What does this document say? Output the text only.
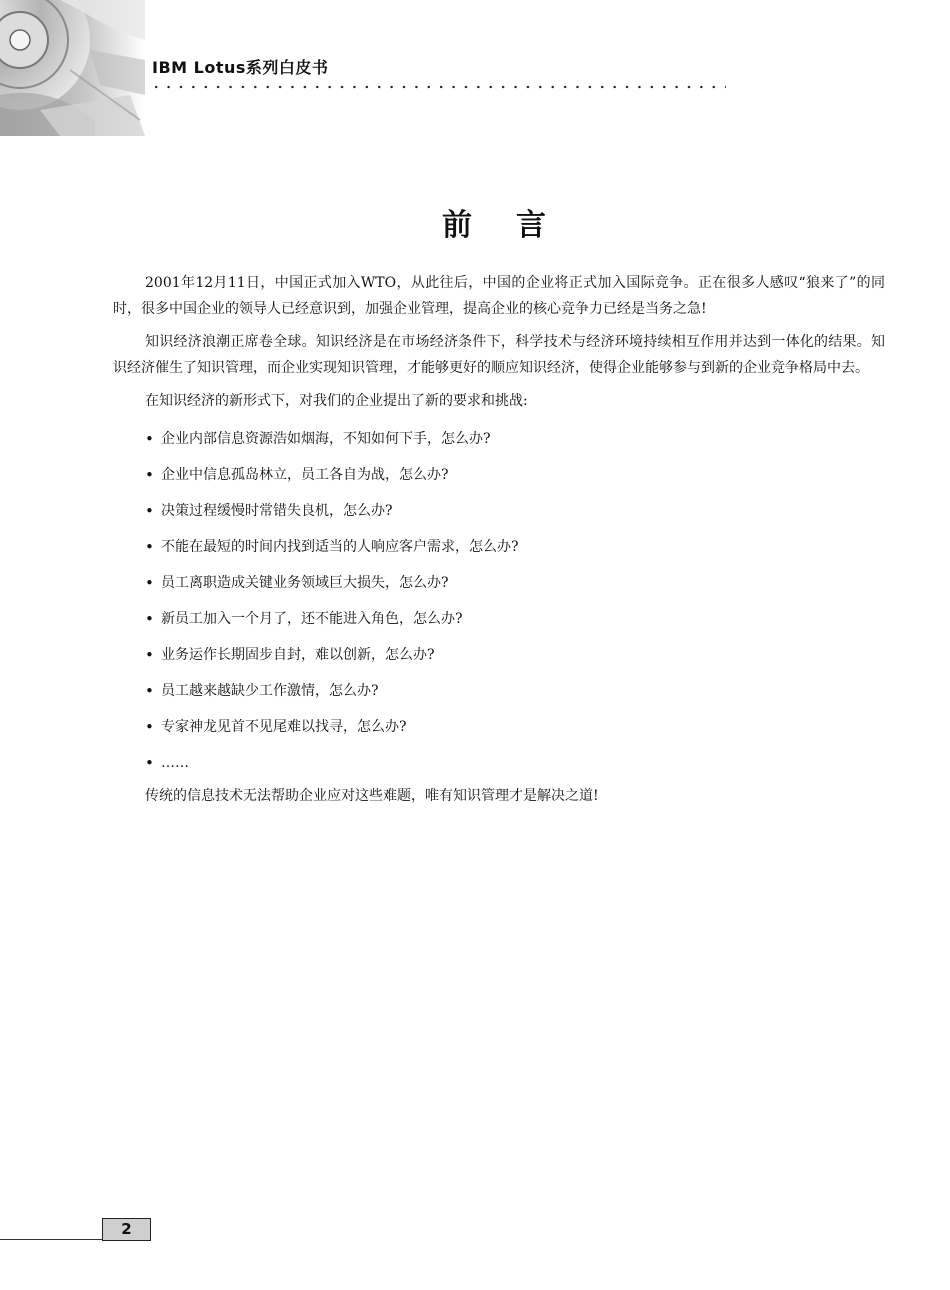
IBM Lotus系列白皮书
前言

2001年12月11日，中国正式加入WTO，从此往后，中国的企业将正式加入国际竞争。正在很多人感叹“狼来了”的同时，很多中国企业的领导人已经意识到，加强企业管理，提高企业的核心竞争力已经是当务之急!

知识经济浪潮正席卷全球。知识经济是在市场经济条件下，科学技术与经济环境持续相互作用并达到一体化的结果。知识经济催生了知识管理，而企业实现知识管理，才能够更好的顺应知识经济，使得企业能够参与到新的企业竞争格局中去。

在知识经济的新形式下，对我们的企业提出了新的要求和挑战:

• 企业内部信息资源浩如烟海，不知如何下手，怎么办?
• 企业中信息孤岛林立，员工各自为战，怎么办?
• 决策过程缓慢时常错失良机，怎么办?
• 不能在最短的时间内找到适当的人响应客户需求，怎么办?
• 员工离职造成关键业务领域巨大损失，怎么办?
• 新员工加入一个月了，还不能进入角色，怎么办?
• 业务运作长期固步自封，难以创新，怎么办?
• 员工越来越缺少工作激情，怎么办?
• 专家神龙见首不见尾难以找寻，怎么办?
• ……

传统的信息技术无法帮助企业应对这些难题，唯有知识管理才是解决之道!

2
